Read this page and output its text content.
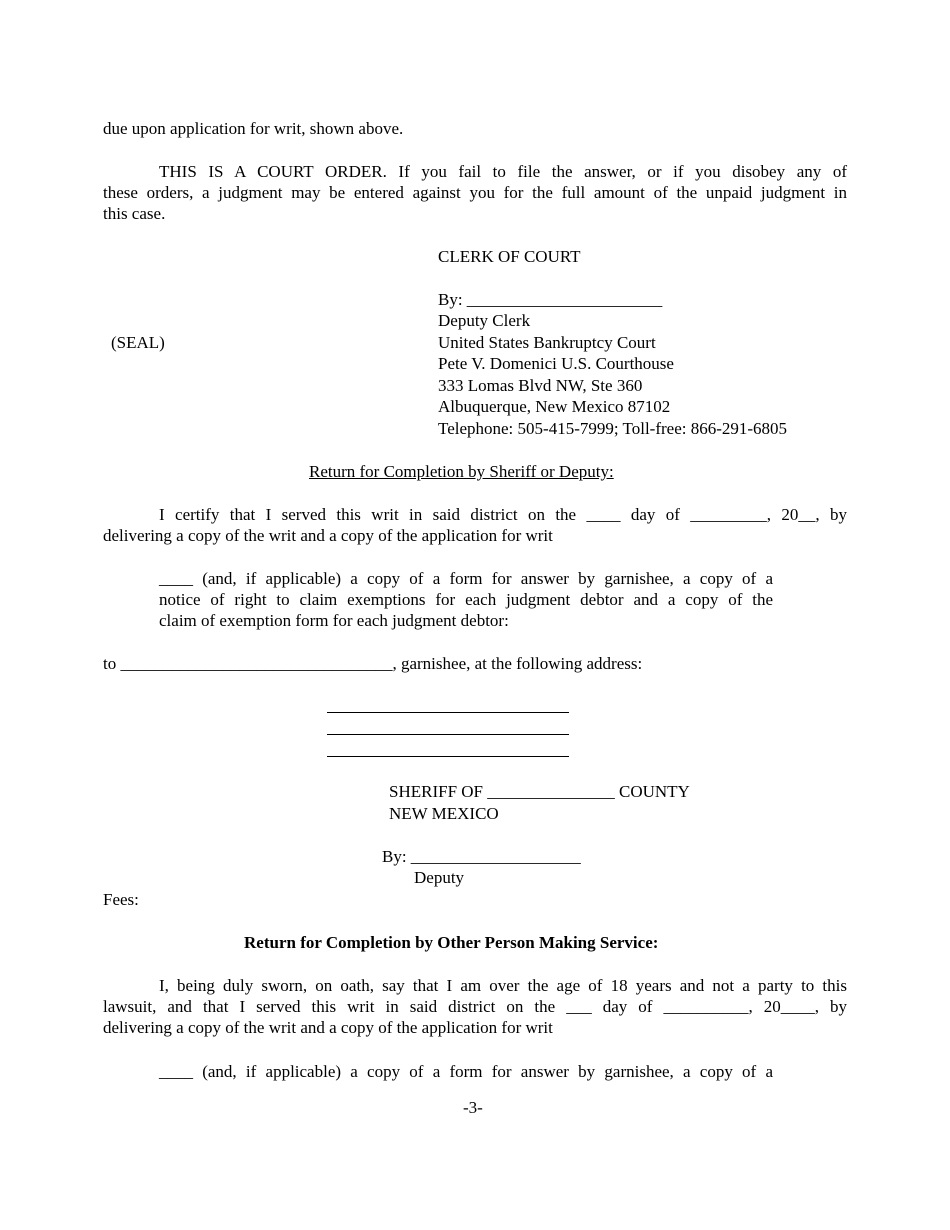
due upon application for writ, shown above.
THIS IS A COURT ORDER. If you fail to file the answer, or if you disobey any of
these orders, a judgment may be entered against you for the full amount of the unpaid judgment in
this case.
CLERK OF COURT
By: _______________________
Deputy Clerk
United States Bankruptcy Court
Pete V. Domenici U.S. Courthouse
333 Lomas Blvd NW, Ste 360
Albuquerque, New Mexico 87102
Telephone: 505-415-7999; Toll-free: 866-291-6805
(SEAL)
Return for Completion by Sheriff or Deputy:
I certify that I served this writ in said district on the ____ day of _________, 20__, by
delivering a copy of the writ and a copy of the application for writ
____ (and, if applicable) a copy of a form for answer by garnishee, a copy of a
notice of right to claim exemptions for each judgment debtor and a copy of the
claim of exemption form for each judgment debtor:
to ________________________________, garnishee, at the following address:
SHERIFF OF _______________ COUNTY
NEW MEXICO
By: ____________________
Deputy
Fees:
Return for Completion by Other Person Making Service:
I, being duly sworn, on oath, say that I am over the age of 18 years and not a party to this
lawsuit, and that I served this writ in said district on the ___ day of __________, 20____, by
delivering a copy of the writ and a copy of the application for writ
____ (and, if applicable) a copy of a form for answer by garnishee, a copy of a
-3-
